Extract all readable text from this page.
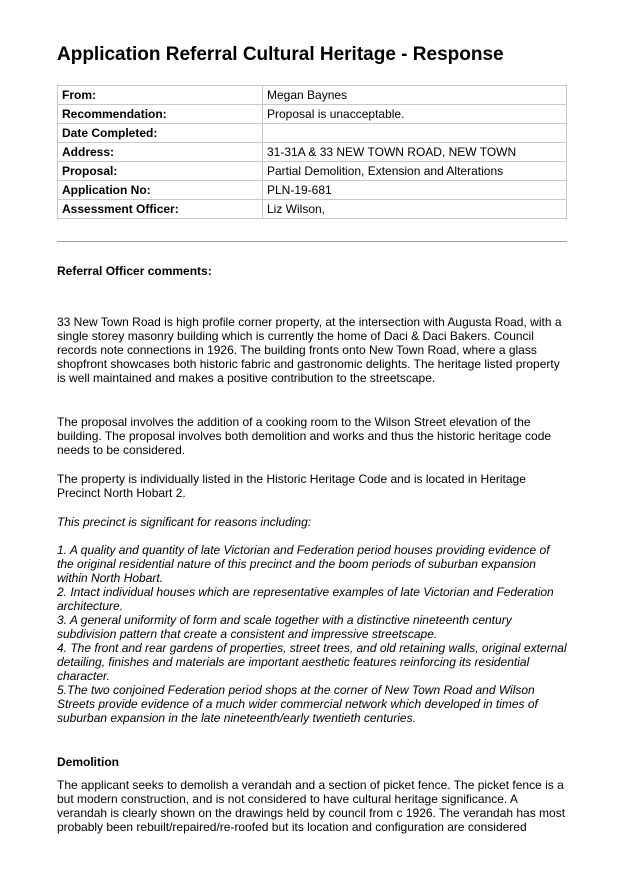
Application Referral Cultural Heritage - Response
From:	Megan Baynes
Recommendation:	Proposal is unacceptable.
Date Completed:	
Address:	31-31A & 33 NEW TOWN ROAD, NEW TOWN
Proposal:	Partial Demolition, Extension and Alterations
Application No:	PLN-19-681
Assessment Officer:	Liz Wilson,

Referral Officer comments:

33 New Town Road is high profile corner property, at the intersection with Augusta Road, with a single storey masonry building which is currently the home of Daci & Daci Bakers. Council records note connections in 1926. The building fronts onto New Town Road, where a glass shopfront showcases both historic fabric and gastronomic delights. The heritage listed property is well maintained and makes a positive contribution to the streetscape.

The proposal involves the addition of a cooking room to the Wilson Street elevation of the building. The proposal involves both demolition and works and thus the historic heritage code needs to be considered.

The property is individually listed in the Historic Heritage Code and is located in Heritage Precinct North Hobart 2.

This precinct is significant for reasons including:

1. A quality and quantity of late Victorian and Federation period houses providing evidence of the original residential nature of this precinct and the boom periods of suburban expansion within North Hobart.
2. Intact individual houses which are representative examples of late Victorian and Federation architecture.
3. A general uniformity of form and scale together with a distinctive nineteenth century subdivision pattern that create a consistent and impressive streetscape.
4. The front and rear gardens of properties, street trees, and old retaining walls, original external detailing, finishes and materials are important aesthetic features reinforcing its residential character.
5.The two conjoined Federation period shops at the corner of New Town Road and Wilson Streets provide evidence of a much wider commercial network which developed in times of suburban expansion in the late nineteenth/early twentieth centuries.

Demolition

The applicant seeks to demolish a verandah and a section of picket fence. The picket fence is a but modern construction, and is not considered to have cultural heritage significance. A verandah is clearly shown on the drawings held by council from c 1926. The verandah has most probably been rebuilt/repaired/re-roofed but its location and configuration are considered
